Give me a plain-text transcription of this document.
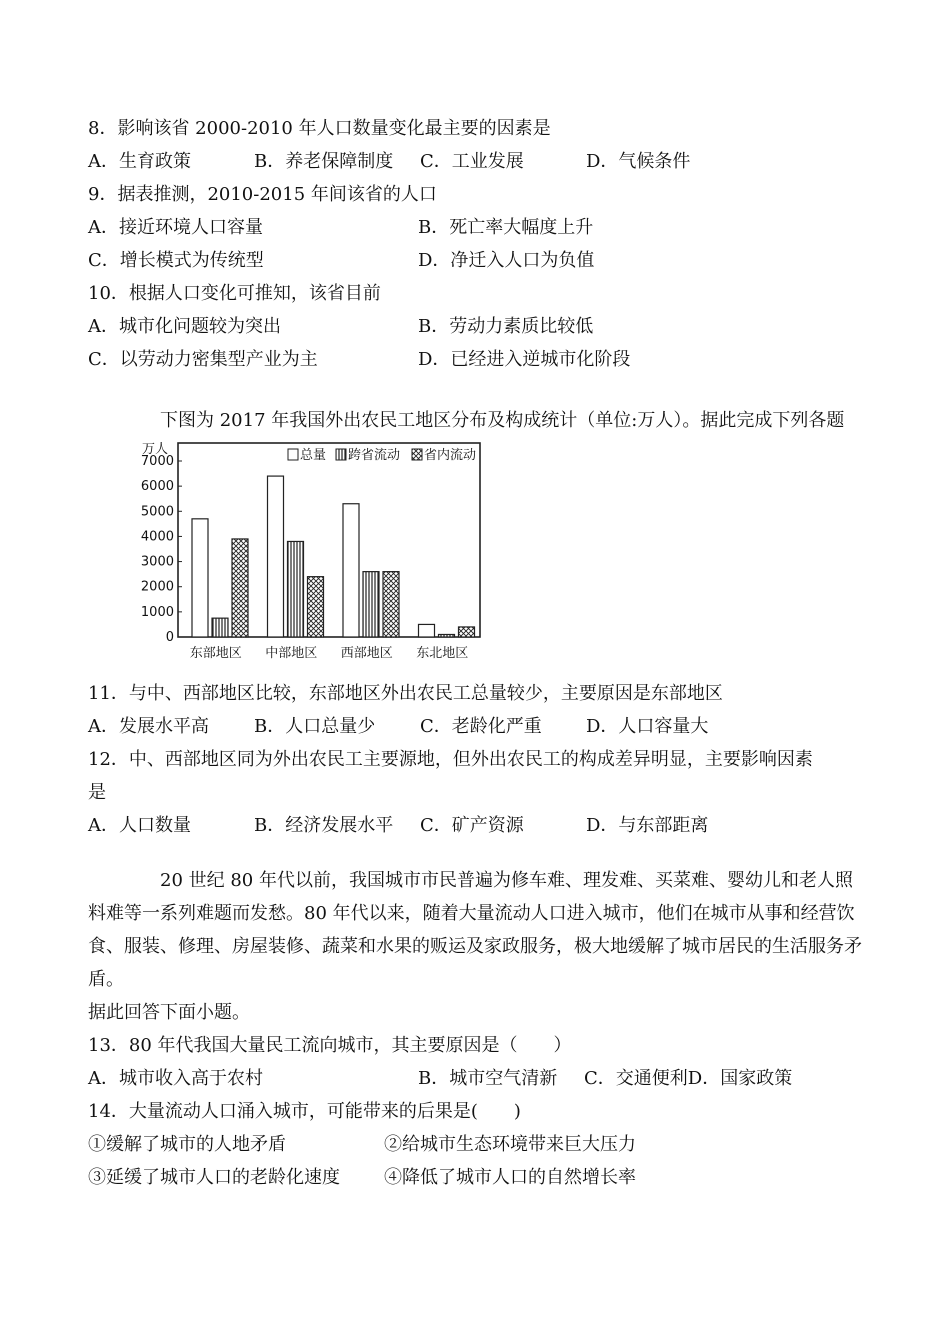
8．影响该省 2000-2010 年人口数量变化最主要的因素是
A．生育政策	B．养老保障制度 C．工业发展	D．气候条件
9．据表推测，2010-2015 年间该省的人口
A．接近环境人口容量	B．死亡率大幅度上升
C．增长模式为传统型	D．净迁入人口为负值
10．根据人口变化可推知，该省目前
A．城市化问题较为突出	B．劳动力素质比较低
C．以劳动力密集型产业为主	D．已经进入逆城市化阶段
下图为 2017 年我国外出农民工地区分布及构成统计（单位:万人）。据此完成下列各题
万人
0
1000
2000
3000
4000
5000
6000
7000
东部地区 中部地区 西部地区 东北地区
总量 跨省流动 省内流动
11．与中、西部地区比较，东部地区外出农民工总量较少，主要原因是东部地区
A．发展水平高	B．人口总量少 C．老龄化严重 D．人口容量大
12．中、西部地区同为外出农民工主要源地，但外出农民工的构成差异明显，主要影响因素
是
A．人口数量	B．经济发展水平 C．矿产资源	D．与东部距离
20 世纪 80 年代以前，我国城市市民普遍为修车难、理发难、买菜难、婴幼儿和老人照料难等一系列难题而发愁。80 年代以来，随着大量流动人口进入城市，他们在城市从事和经营饮食、服装、修理、房屋装修、蔬菜和水果的贩运及家政服务，极大地缓解了城市居民的生活服务矛盾。
据此回答下面小题。
13．80 年代我国大量民工流向城市，其主要原因是（　　）
A．城市收入高于农村	B．城市空气清新 C．交通便利D．国家政策
14．大量流动人口涌入城市，可能带来的后果是(　　)
①缓解了城市的人地矛盾	②给城市生态环境带来巨大压力
③延缓了城市人口的老龄化速度 ④降低了城市人口的自然增长率
